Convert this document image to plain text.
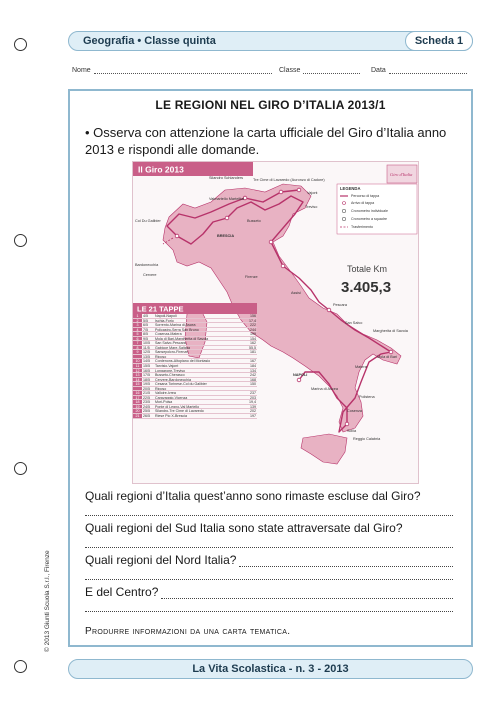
Geografia • Classe quinta	Scheda 1
Nome	Classe	Data
LE REGIONI NEL GIRO D’ITALIA 2013/1
• Osserva con attenzione la carta ufficiale del Giro d’Italia anno 2013 e rispondi alle domande.
Il Giro 2013	Giro d'Italia
Tre Cime di Lavaredo (Auronzo di Cadore)
Vajont
Silandro Schlanders
Valmartello Martelltal
Treviso
Busseto
BRESCIA
Col Du Galibier
Bardonecchia
Cervere	Firenze
Assisi
Pescara
NAPOLI
San Salvo
Margherita di Savoia
Mola di Bari
Polistena
Cosenza
Marina di Ascea
Matera
Scilla
Reggio Calabria
LEGENDA
Percorso di tappa
Arrivo di tappa
Cronometro individuale
Cronometro a squadre
Trasferimento
Totale Km
3.405,3
LE 21 TAPPE
1	4/5	Napoli-Napoli	156
2	5/5	Ischia-Forio	17,4
3	6/5	Sorrento-Marina di Ascea	222
4	7/5	Policastro-Serra San Bruno	244
5	8/5	Cosenza-Matera	199
6	9/5	Mola di Bari-Margherita di Savoia	154
7	10/5	San Salvo-Pescara	162
8	11/5	Gabicce Mare-Saltara	55,5
9	12/5	Sansepolcro-Firenze	181
13/5	Riposo
10 14/5	Cordenons-Altopiano del Montasio	167
11	15/5	Tarvisio-Vajont	184
12 16/5	Longarone-Treviso	134
13 17/5	Busseto-Cherasco	242
14 18/5	Cervere-Bardonecchia	168
15 19/5	Cesana Torinese-Col du Galibier	150
20/5	Riposo
16 21/5	Valloire-Ivrea	237
17 22/5	Caravaggio-Vicenza	203
18 23/5	Mori-Polsa	19,4
19 24/5	Ponte di Legno-Val Martello	139
20 25/5	Silandro-Tre Cime di Lavaredo	202
21 26/5	Riese Pio X-Brescia	197
Quali regioni d’Italia quest’anno sono rimaste escluse dal Giro?
Quali regioni del Sud Italia sono state attraversate dal Giro?
Quali regioni del Nord Italia?
E del Centro?
Produrre informazioni da una carta tematica.
© 2013 Giunti Scuola S.r.l., Firenze
La Vita Scolastica - n. 3 - 2013
